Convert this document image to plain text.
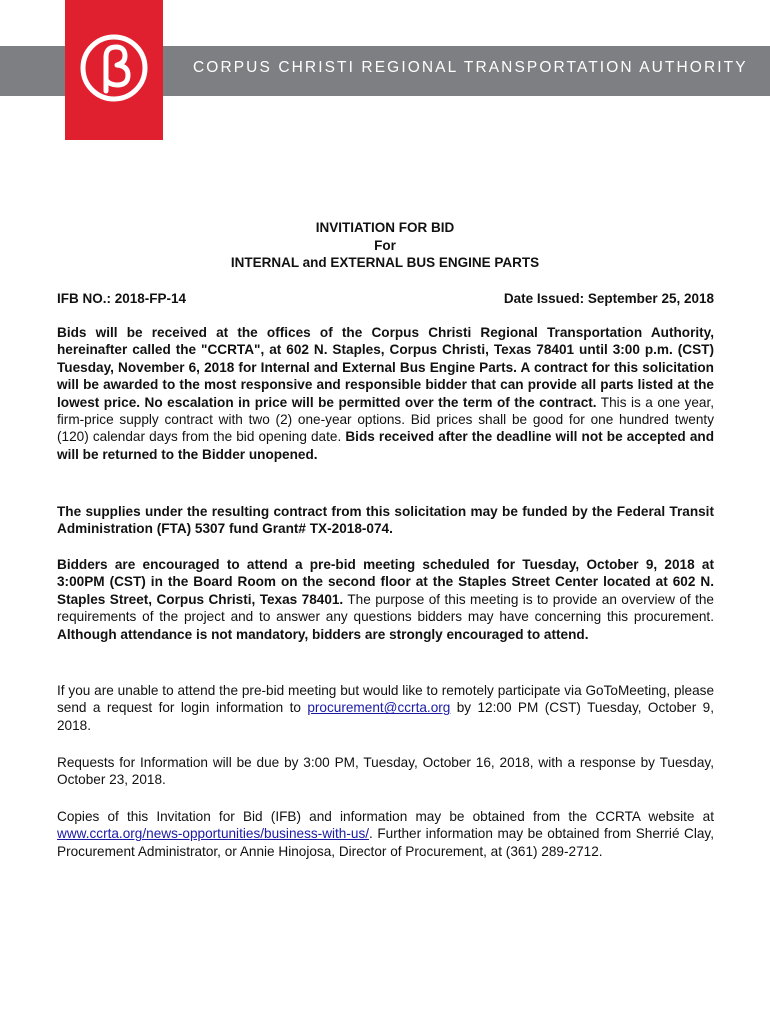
CORPUS CHRISTI REGIONAL TRANSPORTATION AUTHORITY
INVITIATION FOR BID
For
INTERNAL and EXTERNAL BUS ENGINE PARTS
IFB NO.: 2018-FP-14	Date Issued: September 25, 2018
Bids will be received at the offices of the Corpus Christi Regional Transportation Authority, hereinafter called the "CCRTA", at 602 N. Staples, Corpus Christi, Texas 78401 until 3:00 p.m. (CST) Tuesday, November 6, 2018 for Internal and External Bus Engine Parts. A contract for this solicitation will be awarded to the most responsive and responsible bidder that can provide all parts listed at the lowest price. No escalation in price will be permitted over the term of the contract. This is a one year, firm-price supply contract with two (2) one-year options. Bid prices shall be good for one hundred twenty (120) calendar days from the bid opening date. Bids received after the deadline will not be accepted and will be returned to the Bidder unopened.
The supplies under the resulting contract from this solicitation may be funded by the Federal Transit Administration (FTA) 5307 fund Grant# TX-2018-074.
Bidders are encouraged to attend a pre-bid meeting scheduled for Tuesday, October 9, 2018 at 3:00PM (CST) in the Board Room on the second floor at the Staples Street Center located at 602 N. Staples Street, Corpus Christi, Texas 78401. The purpose of this meeting is to provide an overview of the requirements of the project and to answer any questions bidders may have concerning this procurement. Although attendance is not mandatory, bidders are strongly encouraged to attend.
If you are unable to attend the pre-bid meeting but would like to remotely participate via GoToMeeting, please send a request for login information to procurement@ccrta.org by 12:00 PM (CST) Tuesday, October 9, 2018.
Requests for Information will be due by 3:00 PM, Tuesday, October 16, 2018, with a response by Tuesday, October 23, 2018.
Copies of this Invitation for Bid (IFB) and information may be obtained from the CCRTA website at www.ccrta.org/news-opportunities/business-with-us/. Further information may be obtained from Sherrié Clay, Procurement Administrator, or Annie Hinojosa, Director of Procurement, at (361) 289-2712.
